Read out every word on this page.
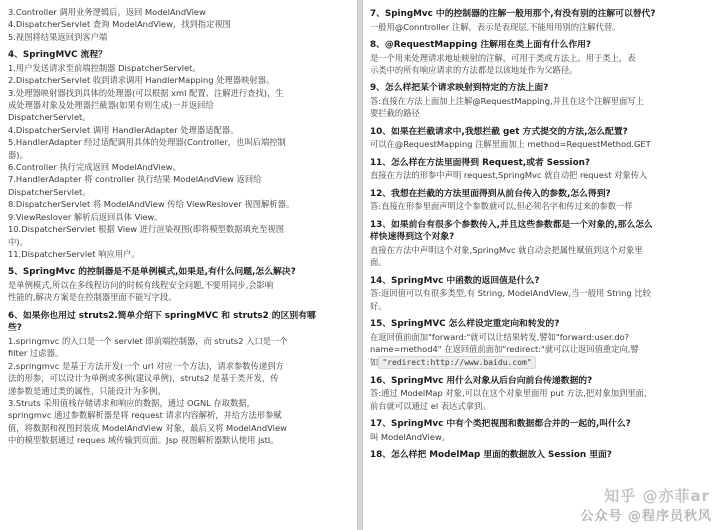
3.Controller 调用业务逻辑后，返回 ModelAndView
4.DispatcherServlet 查询 ModelAndView，找到指定视图
5.视图将结果返回到客户端
4、SpringMVC 流程？
1.用户发送请求至前端控制器 DispatcherServlet。
2.DispatcherServlet 收到请求调用 HandlerMapping 处理器映射器。
3.处理器映射器找到具体的处理器(可以根据 xml 配置、注解进行查找)，生
成处理器对象及处理器拦截器(如果有则生成)一并返回给
DispatcherServlet。
4.DispatcherServlet 调用 HandlerAdapter 处理器适配器。
5.HandlerAdapter 经过适配调用具体的处理器(Controller，也叫后端控制
器)。
6.Controller 执行完成返回 ModelAndView。
7.HandlerAdapter 将 controller 执行结果 ModelAndView 返回给
DispatcherServlet。
8.DispatcherServlet 将 ModelAndView 传给 ViewReslover 视图解析器。
9.ViewReslover 解析后返回具体 View。
10.DispatcherServlet 根据 View 进行渲染视图(即将模型数据填充至视图
中)。
11.DispatcherServlet 响应用户。
5、SpringMvc 的控制器是不是单例模式,如果是,有什么问题,怎么解决?
是单例模式,所以在多线程访问的时候有线程安全问题,不要用同步,会影响
性能的,解决方案是在控制器里面不能写字段。
6、如果你也用过 struts2.简单介绍下 springMVC 和 struts2 的区别有哪
些?
1.springmvc 的入口是一个 servlet 即前端控制器，而 struts2 入口是一个
filter 过虑器。
2.springmvc 是基于方法开发(一个 url 对应一个方法)，请求参数传递到方
法的形参，可以设计为单例或多例(建议单例)，struts2 是基于类开发，传
递参数是通过类的属性，只能设计为多例。
3.Struts 采用值栈存储请求和响应的数据，通过 OGNL 存取数据，
springmvc 通过参数解析器是将 request 请求内容解析，并给方法形参赋
值，将数据和视图封装成 ModelAndView 对象，最后又将 ModelAndView
中的模型数据通过 reques 域传输到页面。Jsp 视图解析器默认使用 jstl。
7、SpingMvc 中的控制器的注解一般用那个,有没有别的注解可以替代?
一般用@Conntroller 注解，表示是表现层,不能用用别的注解代替。
8、@RequestMapping 注解用在类上面有什么作用?
是一个用来处理请求地址映射的注解，可用于类或方法上。用于类上，表
示类中的所有响应请求的方法都是以该地址作为父路径。
9、怎么样把某个请求映射到特定的方法上面?
答:直接在方法上面加上注解@RequestMapping,并且在这个注解里面写上
要拦截的路径
10、如果在拦截请求中,我想拦截 get 方式提交的方法,怎么配置?
可以在@RequestMapping 注解里面加上 method=RequestMethod.GET
11、怎么样在方法里面得到 Request,或者 Session?
直接在方法的形参中声明 request,SpringMvc 就自动把 request 对象传入
12、我想在拦截的方法里面得到从前台传入的参数,怎么得到?
答:直接在形参里面声明这个参数就可以,但必须名字和传过来的参数一样
13、如果前台有很多个参数传入,并且这些参数都是一个对象的,那么怎么
样快速得到这个对象?
直接在方法中声明这个对象,SpringMvc 就自动会把属性赋值到这个对象里
面。
14、SpringMvc 中函数的返回值是什么?
答:返回值可以有很多类型,有 String, ModelAndView,当一般用 String 比较
好。
15、SpringMVC 怎么样设定重定向和转发的?
在返回值前面加"forward:"就可以让结果转发,譬如"forward:user.do?
name=method4" 在返回值前面加"redirect:"就可以让返回值重定向,譬
如 "redirect:http://www.baidu.com"
16、SpringMvc 用什么对象从后台向前台传递数据的?
答:通过 ModelMap 对象,可以在这个对象里面用 put 方法,把对象加到里面,
前台就可以通过 el 表达式拿到。
17、SpringMvc 中有个类把视图和数据都合并的一起的,叫什么?
叫 ModelAndView。
18、怎么样把 ModelMap 里面的数据放入 Session 里面?
知乎 @亦菲ar
公众号 @程序员秋风
